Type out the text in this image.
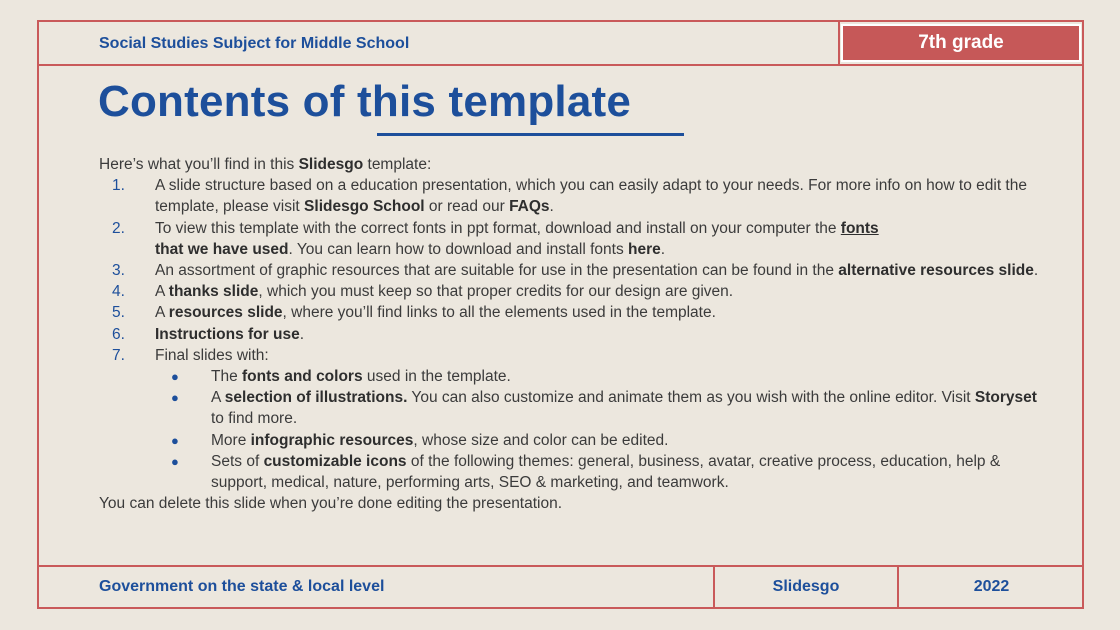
Social Studies Subject for Middle School	7th grade
Contents of this template

Here’s what you’ll find in this Slidesgo template:

1. A slide structure based on a education presentation, which you can easily adapt to your needs. For more info on how to edit the template, please visit Slidesgo School or read our FAQs.
2. To view this template with the correct fonts in ppt format, download and install on your computer the fonts
that we have used. You can learn how to download and install fonts here.
3. An assortment of graphic resources that are suitable for use in the presentation can be found in the alternative resources slide.
4. A thanks slide, which you must keep so that proper credits for our design are given.
5. A resources slide, where you’ll find links to all the elements used in the template.
6. Instructions for use.
7. Final slides with:
● The fonts and colors used in the template.
● A selection of illustrations. You can also customize and animate them as you wish with the online editor. Visit Storyset to find more.
● More infographic resources, whose size and color can be edited.
● Sets of customizable icons of the following themes: general, business, avatar, creative process, education, help & support, medical, nature, performing arts, SEO & marketing, and teamwork.

You can delete this slide when you’re done editing the presentation.

Government on the state & local level	Slidesgo	2022
